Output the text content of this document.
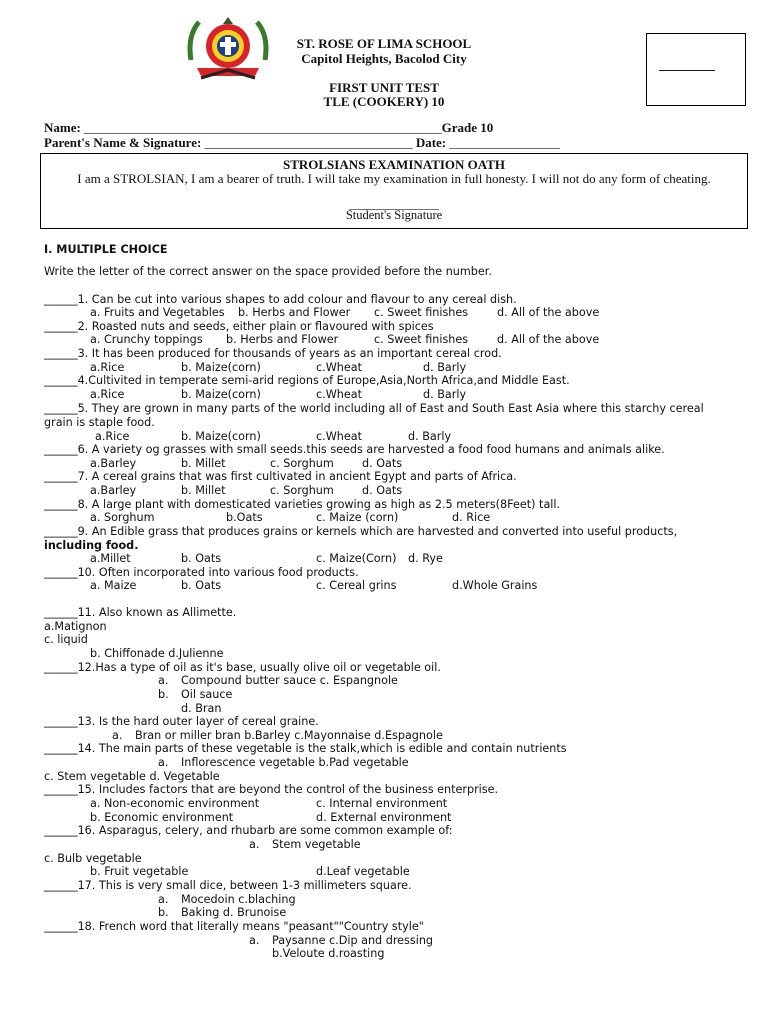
ST. ROSE OF LIMA SCHOOL
Capitol Heights, Bacolod City
FIRST UNIT TEST
TLE (COOKERY) 10
________
Name: _______________________________________________________Grade 10
Parent's Name & Signature: ________________________________ Date: _________________
STROLSIANS EXAMINATION OATH
I am a STROLSIAN, I am a bearer of truth. I will take my examination in full honesty. I will not do any form of cheating.
_______________
Student's Signature
I. MULTIPLE CHOICE
Write the letter of the correct answer on the space provided before the number.
______1. Can be cut into various shapes to add colour and flavour to any cereal dish.
a. Fruits and Vegetables b. Herbs and Flower c. Sweet finishes	d. All of the above
______2. Roasted nuts and seeds, either plain or flavoured with spices
a. Crunchy toppings b. Herbs and Flower	c. Sweet finishes	d. All of the above
______3. It has been produced for thousands of years as an important cereal crod.
a.Rice	b. Maize(corn)	c.Wheat	d. Barly
______4.Cultivited in temperate semi-arid regions of Europe,Asia,North Africa,and Middle East.
a.Rice	b. Maize(corn)	c.Wheat	d. Barly
______5. They are grown in many parts of the world including all of East and South East Asia where this starchy cereal
grain is staple food.
a.Rice	b. Maize(corn)	c.Wheat	d. Barly
______6. A variety og grasses with small seeds.this seeds are harvested a food food humans and animals alike.
a.Barley	b. Millet	c. Sorghum	d. Oats
______7. A cereal grains that was first cultivated in ancient Egypt and parts of Africa.
a.Barley	b. Millet	c. Sorghum	d. Oats
______8. A large plant with domesticated varieties growing as high as 2.5 meters(8Feet) tall.
a. Sorghum	b.Oats	c. Maize (corn)	d. Rice
______9. An Edible grass that produces grains or kernels which are harvested and converted into useful products,
including food.
a.Millet	b. Oats	c. Maize(Corn) d. Rye
______10. Often incorporated into various food products.
a. Maize	b. Oats	c. Cereal grins	d.Whole Grains
______11. Also known as Allimette.
a.Matignon
c. liquid
b. Chiffonade d.Julienne
______12.Has a type of oil as it's base, usually olive oil or vegetable oil.
a. Compound butter sauce c. Espangnole
b. Oil sauce
d. Bran
______13. Is the hard outer layer of cereal graine.
a. Bran or miller bran b.Barley c.Mayonnaise d.Espagnole
______14. The main parts of these vegetable is the stalk,which is edible and contain nutrients
a. Inflorescence vegetable b.Pad vegetable
c. Stem vegetable d. Vegetable
______15. Includes factors that are beyond the control of the business enterprise.
a. Non-economic environment	c. Internal environment
b. Economic environment	d. External environment
______16. Asparagus, celery, and rhubarb are some common example of:
a. Stem vegetable
c. Bulb vegetable
b. Fruit vegetable	d.Leaf vegetable
______17. This is very small dice, between 1-3 millimeters square.
a. Mocedoin c.blaching
b. Baking d. Brunoise
______18. French word that literally means "peasant""Country style"
a. Paysanne c.Dip and dressing
b.Veloute d.roasting
